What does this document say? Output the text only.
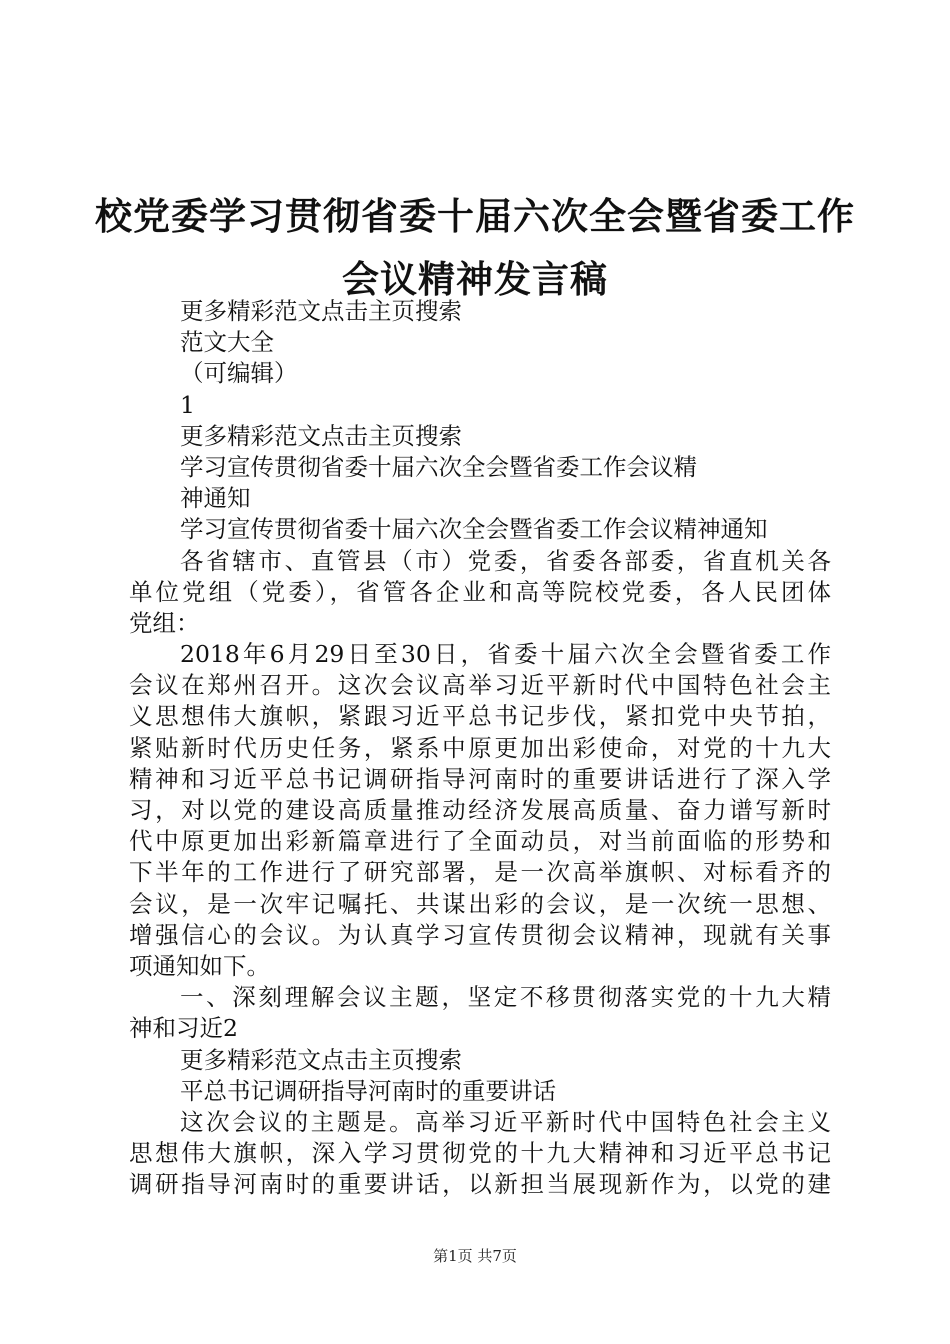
校党委学习贯彻省委十届六次全会暨省委工作
会议精神发言稿
更多精彩范文点击主页搜索
范文大全
（可编辑）
1
更多精彩范文点击主页搜索
学习宣传贯彻省委十届六次全会暨省委工作会议精
神通知
学习宣传贯彻省委十届六次全会暨省委工作会议精神通知
各省辖市、直管县（市）党委，省委各部委，省直机关各
单位党组（党委），省管各企业和高等院校党委，各人民团体
党组：
2018年6月29日至30日，省委十届六次全会暨省委工作
会议在郑州召开。这次会议高举习近平新时代中国特色社会主
义思想伟大旗帜，紧跟习近平总书记步伐，紧扣党中央节拍，
紧贴新时代历史任务，紧系中原更加出彩使命，对党的十九大
精神和习近平总书记调研指导河南时的重要讲话进行了深入学
习，对以党的建设高质量推动经济发展高质量、奋力谱写新时
代中原更加出彩新篇章进行了全面动员，对当前面临的形势和
下半年的工作进行了研究部署，是一次高举旗帜、对标看齐的
会议，是一次牢记嘱托、共谋出彩的会议，是一次统一思想、
增强信心的会议。为认真学习宣传贯彻会议精神，现就有关事
项通知如下。
一、深刻理解会议主题，坚定不移贯彻落实党的十九大精
神和习近2
更多精彩范文点击主页搜索
平总书记调研指导河南时的重要讲话
这次会议的主题是。高举习近平新时代中国特色社会主义
思想伟大旗帜，深入学习贯彻党的十九大精神和习近平总书记
调研指导河南时的重要讲话，以新担当展现新作为，以党的建
第1页 共7页
